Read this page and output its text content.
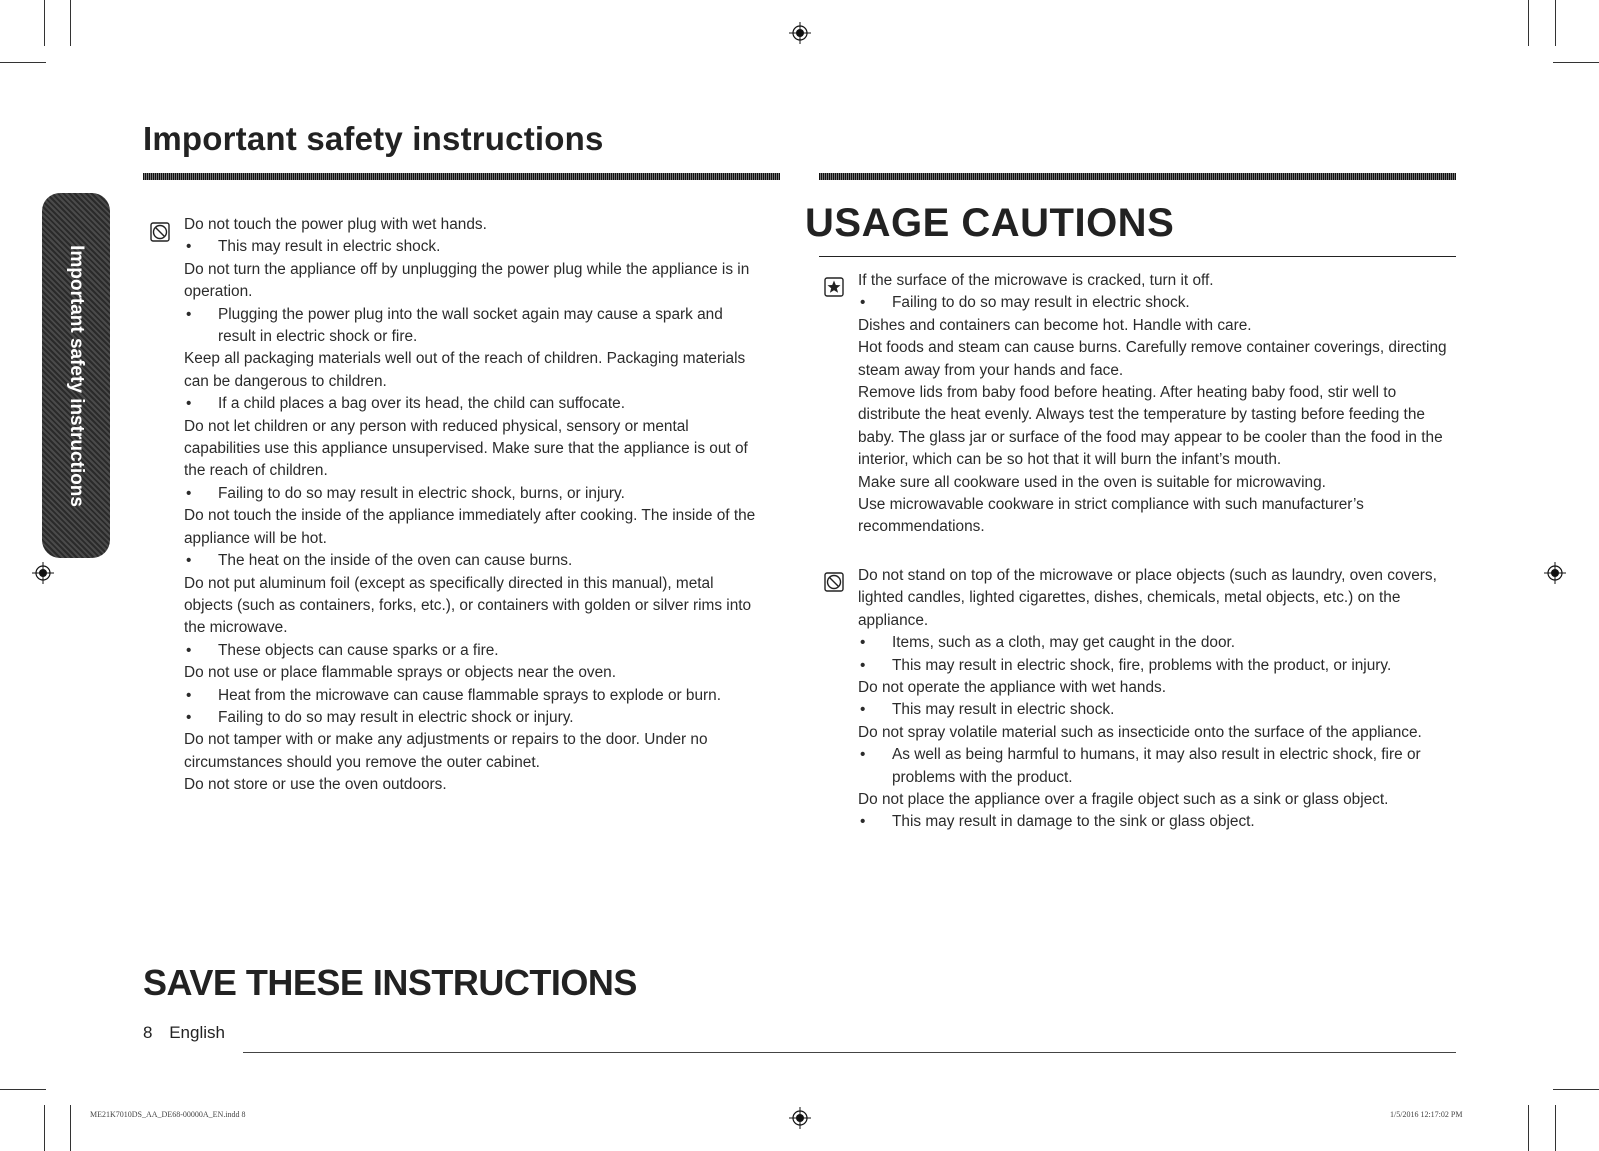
Important safety instructions
Important safety instructions

Do not touch the power plug with wet hands.

• This may result in electric shock.

Do not turn the appliance off by unplugging the power plug while the appliance is in operation.

• Plugging the power plug into the wall socket again may cause a spark and result in electric shock or fire.

Keep all packaging materials well out of the reach of children. Packaging materials can be dangerous to children.

• If a child places a bag over its head, the child can suffocate.

Do not let children or any person with reduced physical, sensory or mental capabilities use this appliance unsupervised. Make sure that the appliance is out of the reach of children.

• Failing to do so may result in electric shock, burns, or injury.

Do not touch the inside of the appliance immediately after cooking. The inside of the appliance will be hot.

• The heat on the inside of the oven can cause burns.

Do not put aluminum foil (except as specifically directed in this manual), metal objects (such as containers, forks, etc.), or containers with golden or silver rims into the microwave.

• These objects can cause sparks or a fire.

Do not use or place flammable sprays or objects near the oven.

• Heat from the microwave can cause flammable sprays to explode or burn.

• Failing to do so may result in electric shock or injury.

Do not tamper with or make any adjustments or repairs to the door. Under no circumstances should you remove the outer cabinet.

Do not store or use the oven outdoors.

USAGE CAUTIONS

If the surface of the microwave is cracked, turn it off.

• Failing to do so may result in electric shock.

Dishes and containers can become hot. Handle with care.

Hot foods and steam can cause burns. Carefully remove container coverings, directing steam away from your hands and face.

Remove lids from baby food before heating. After heating baby food, stir well to distribute the heat evenly. Always test the temperature by tasting before feeding the baby. The glass jar or surface of the food may appear to be cooler than the food in the interior, which can be so hot that it will burn the infant’s mouth.

Make sure all cookware used in the oven is suitable for microwaving.

Use microwavable cookware in strict compliance with such manufacturer’s recommendations.

Do not stand on top of the microwave or place objects (such as laundry, oven covers, lighted candles, lighted cigarettes, dishes, chemicals, metal objects, etc.) on the appliance.

• Items, such as a cloth, may get caught in the door.

• This may result in electric shock, fire, problems with the product, or injury.

Do not operate the appliance with wet hands.

• This may result in electric shock.

Do not spray volatile material such as insecticide onto the surface of the appliance.

• As well as being harmful to humans, it may also result in electric shock, fire or problems with the product.

Do not place the appliance over a fragile object such as a sink or glass object.

• This may result in damage to the sink or glass object.

SAVE THESE INSTRUCTIONS
8 English
ME21K7010DS_AA_DE68-00000A_EN.indd 8	1/5/2016 12:17:02 PM
